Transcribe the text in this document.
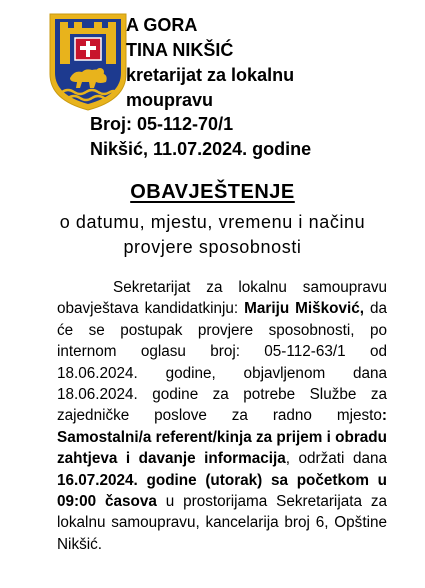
A GORA
TINA NIKŠIĆ
kretarijat za lokalnu
moupravu
Broj: 05-112-70/1
Nikšić, 11.07.2024. godine
OBAVJEŠTENJE
o datumu, mjestu, vremenu i načinu provjere sposobnosti

Sekretarijat za lokalnu samoupravu obavještava kandidatkinju: Mariju Mišković, da će se postupak provjere sposobnosti, po internom oglasu broj: 05-112-63/1 od 18.06.2024. godine, objavljenom dana 18.06.2024. godine za potrebe Službe za zajedničke poslove za radno mjesto: Samostalni/a referent/kinja za prijem i obradu zahtjeva i davanje informacija, održati dana 16.07.2024. godine (utorak) sa početkom u 09:00 časova u prostorijama Sekretarijata za lokalnu samoupravu, kancelarija broj 6, Opštine Nikšić.
